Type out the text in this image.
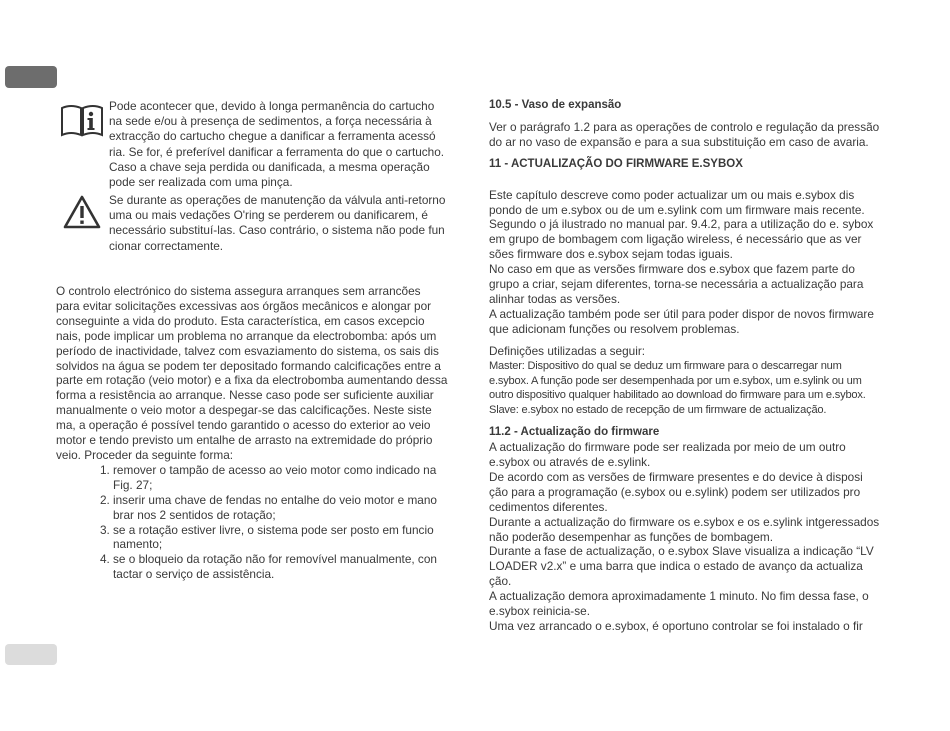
Pode acontecer que, devido à longa permanência do cartucho

na sede e/ou à presença de sedimentos, a força necessária à

extracção do cartucho chegue a danificar a ferramenta acessó

ria. Se for, é preferível danificar a ferramenta do que o cartucho.

Caso a chave seja perdida ou danificada, a mesma operação

pode ser realizada com uma pinça.

Se durante as operações de manutenção da válvula anti-retorno

uma ou mais vedações O'ring se perderem ou danificarem, é

necessário substituí-las. Caso contrário, o sistema não pode fun

cionar correctamente.

O controlo electrónico do sistema assegura arranques sem arrancões

para evitar solicitações excessivas aos órgãos mecânicos e alongar por

conseguinte a vida do produto. Esta característica, em casos excepcio

nais, pode implicar um problema no arranque da electrobomba: após um

período de inactividade, talvez com esvaziamento do sistema, os sais dis

solvidos na água se podem ter depositado formando calcificações entre a

parte em rotação (veio motor) e a fixa da electrobomba aumentando dessa

forma a resistência ao arranque. Nesse caso pode ser suficiente auxiliar

manualmente o veio motor a despegar-se das calcificações. Neste siste

ma, a operação é possível tendo garantido o acesso do exterior ao veio

motor e tendo previsto um entalhe de arrasto na extremidade do próprio

veio. Proceder da seguinte forma:

1. remover o tampão de acesso ao veio motor como indicado na
Fig. 27;
2. inserir uma chave de fendas no entalhe do veio motor e mano
brar nos 2 sentidos de rotação;
3. se a rotação estiver livre, o sistema pode ser posto em funcio
namento;
4. se o bloqueio da rotação não for removível manualmente, con
tactar o serviço de assistência.
10.5 - Vaso de expansão

Ver o parágrafo 1.2 para as operações de controlo e regulação da pressão

do ar no vaso de expansão e para a sua substituição em caso de avaria.

11 - ACTUALIZAÇÃO DO FIRMWARE E.SYBOX

Este capítulo descreve como poder actualizar um ou mais e.sybox dis

pondo de um e.sybox ou de um e.sylink com um firmware mais recente.

Segundo o já ilustrado no manual par. 9.4.2, para a utilização do e. sybox

em grupo de bombagem com ligação wireless, é necessário que as ver

sões firmware dos e.sybox sejam todas iguais.

No caso em que as versões firmware dos e.sybox que fazem parte do

grupo a criar, sejam diferentes, torna-se necessária a actualização para

alinhar todas as versões.

A actualização também pode ser útil para poder dispor de novos firmware

que adicionam funções ou resolvem problemas.

Definições utilizadas a seguir:

Master: Dispositivo do qual se deduz um firmware para o descarregar num

e.sybox. A função pode ser desempenhada por um e.sybox, um e.sylink ou um

outro dispositivo qualquer habilitado ao download do firmware para um e.sybox.

Slave: e.sybox no estado de recepção de um firmware de actualização.

11.2 - Actualização do firmware

A actualização do firmware pode ser realizada por meio de um outro

e.sybox ou através de e.sylink.

De acordo com as versões de firmware presentes e do device à disposi

ção para a programação (e.sybox ou e.sylink) podem ser utilizados pro

cedimentos diferentes.

Durante a actualização do firmware os e.sybox e os e.sylink intgeressados

não poderão desempenhar as funções de bombagem.

Durante a fase de actualização, o e.sybox Slave visualiza a indicação “LV

LOADER v2.x” e uma barra que indica o estado de avanço da actualiza

ção.

A actualização demora aproximadamente 1 minuto. No fim dessa fase, o

e.sybox reinicia-se.

Uma vez arrancado o e.sybox, é oportuno controlar se foi instalado o fir
